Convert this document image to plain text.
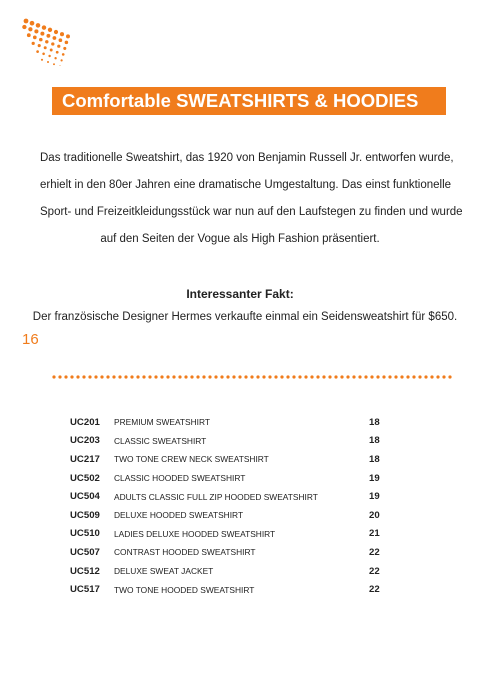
Comfortable SWEATSHIRTS & HOODIES

Das traditionelle Sweatshirt, das 1920 von Benjamin Russell Jr. entworfen wurde,
erhielt in den 80er Jahren eine dramatische Umgestaltung. Das einst funktionelle
Sport- und Freizeitkleidungsstück war nun auf den Laufstegen zu finden und wurde
auf den Seiten der Vogue als High Fashion präsentiert.

Interessanter Fakt:
Der französische Designer Hermes verkaufte einmal ein Seidensweatshirt für $650.
16
UC201	PREMIUM SWEATSHIRT	18
UC203	CLASSIC SWEATSHIRT	18
UC217	TWO TONE CREW NECK SWEATSHIRT	18
UC502	CLASSIC HOODED SWEATSHIRT	19
UC504	ADULTS CLASSIC FULL ZIP HOODED SWEATSHIRT	19
UC509	DELUXE HOODED SWEATSHIRT	20
UC510	LADIES DELUXE HOODED SWEATSHIRT	21
UC507	CONTRAST HOODED SWEATSHIRT	22
UC512	DELUXE SWEAT JACKET	22
UC517	TWO TONE HOODED SWEATSHIRT	22
